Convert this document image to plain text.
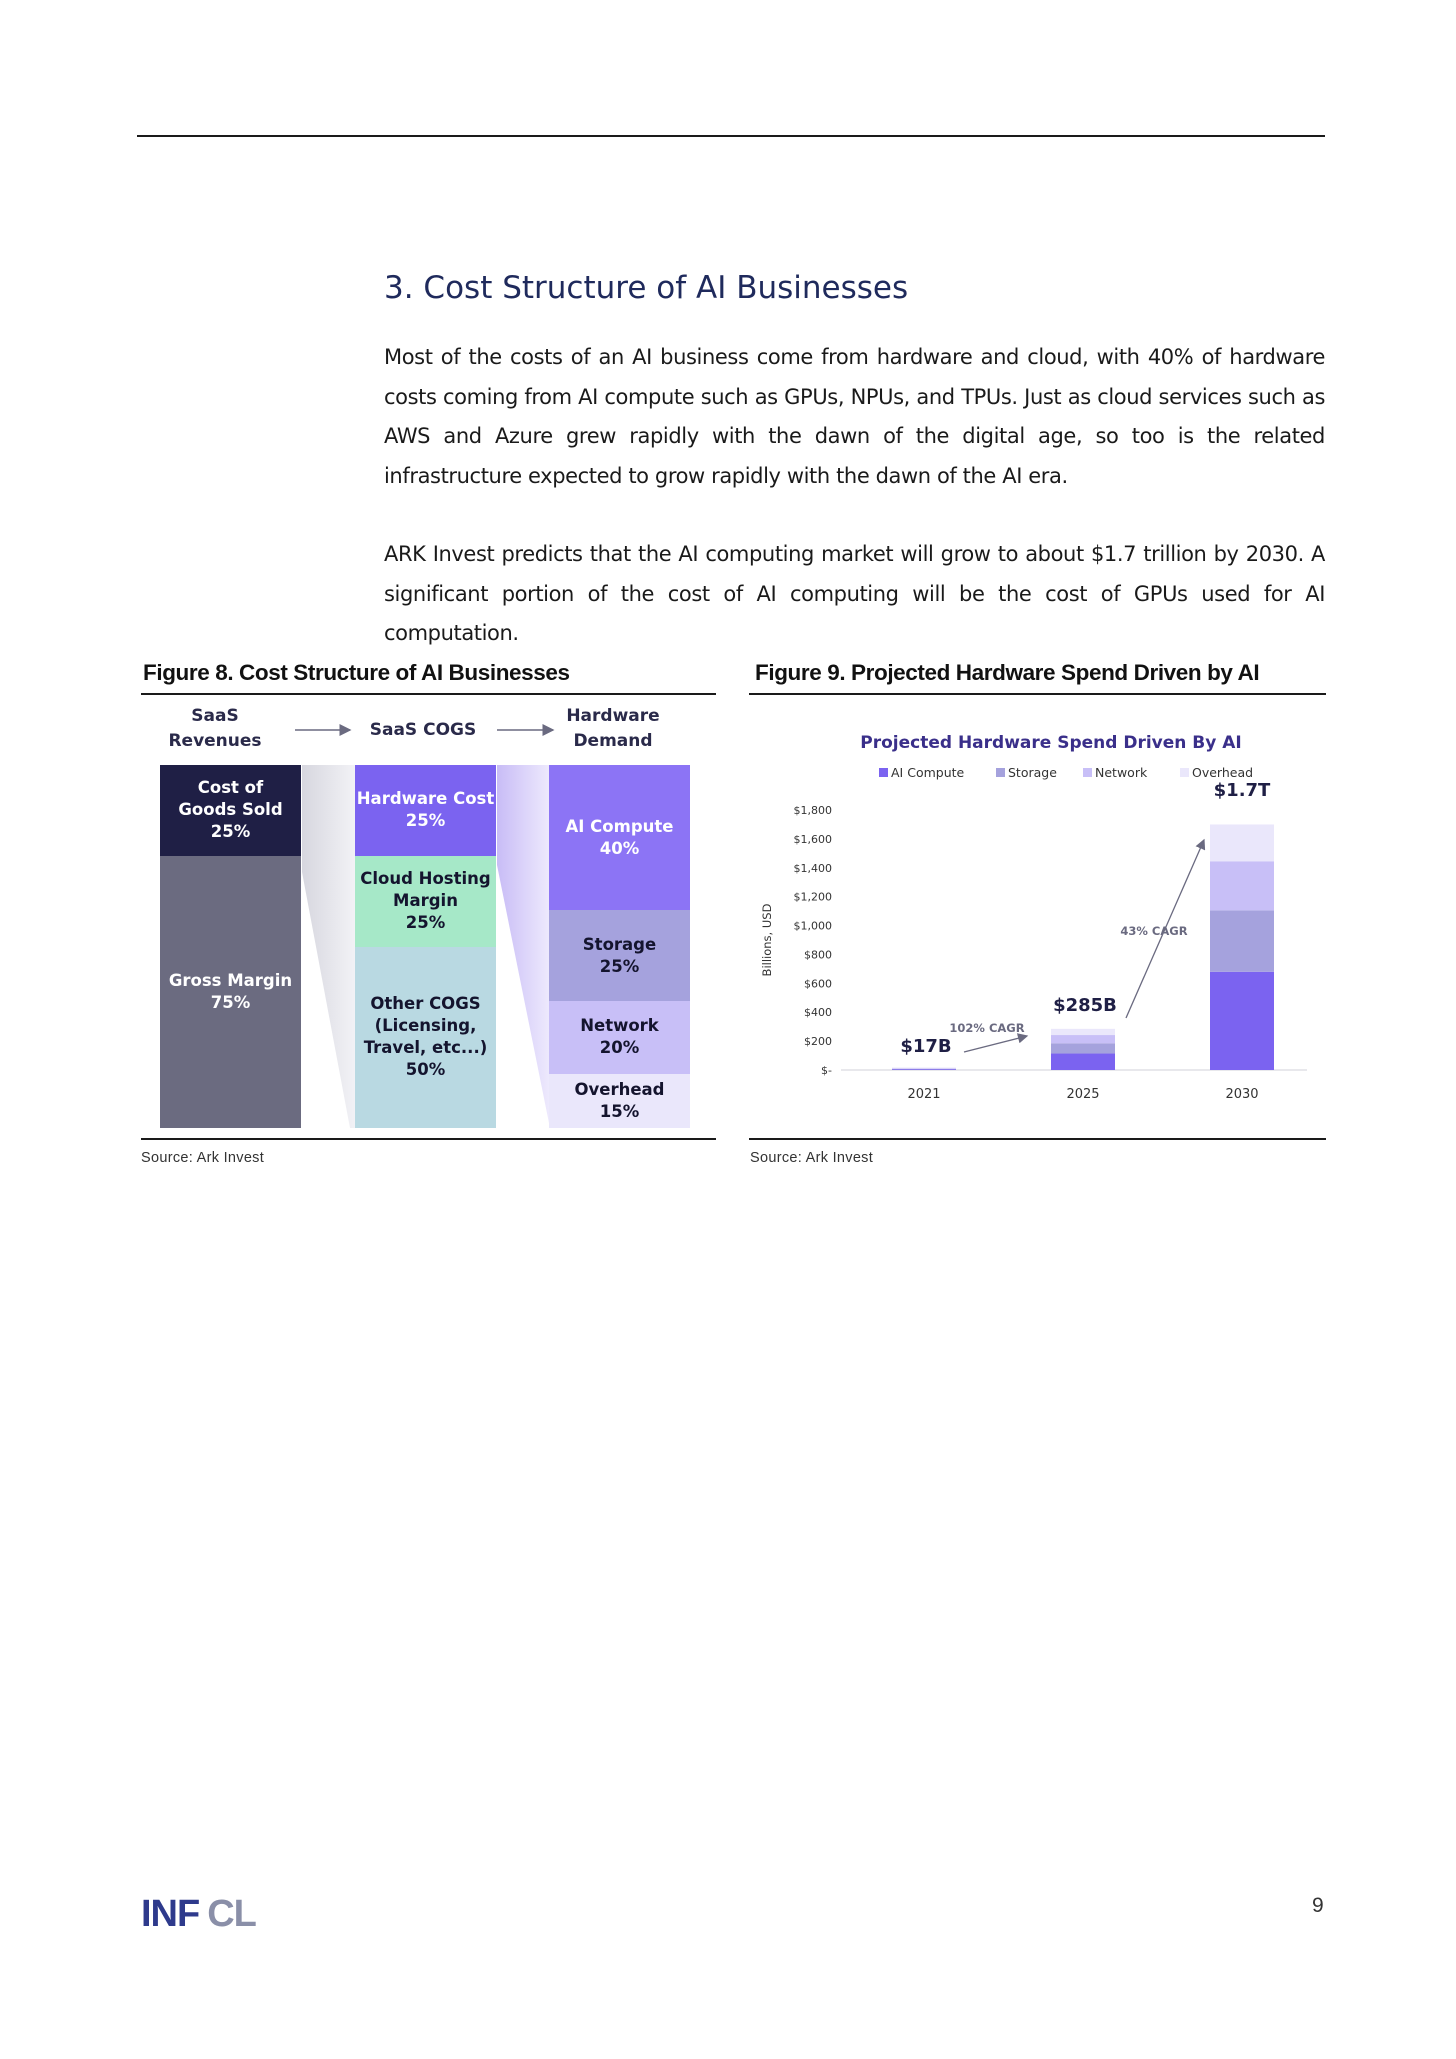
3. Cost Structure of AI Businesses

Most of the costs of an AI business come from hardware and cloud, with 40% of hardware costs coming from AI compute such as GPUs, NPUs, and TPUs. Just as cloud services such as AWS and Azure grew rapidly with the dawn of the digital age, so too is the related infrastructure expected to grow rapidly with the dawn of the AI era.

ARK Invest predicts that the AI computing market will grow to about $1.7 trillion by 2030. A significant portion of the cost of AI computing will be the cost of GPUs used for AI computation.

Figure 8. Cost Structure of AI Businesses
SaaS
Revenues
SaaS COGS
Hardware
Demand
Cost of
Goods Sold
25%
Gross Margin
75%
Hardware Cost
25%
Cloud Hosting
Margin
25%
Other COGS
(Licensing,
Travel, etc...)
50%
AI Compute
40%
Storage
25%
Network
20%
Overhead
15%
Source: Ark Invest
Figure 9. Projected Hardware Spend Driven by AI
Projected Hardware Spend Driven By AI
AI Compute	Storage	Network	Overhead
$-
$200
$400
$600
$800
$1,000
$1,200
$1,400
$1,600
$1,800
Billions, USD
2021	2025	2030
$17B
$285B
$1.7T
102% CAGR
43% CAGR
Source: Ark Invest
INF CL	9
